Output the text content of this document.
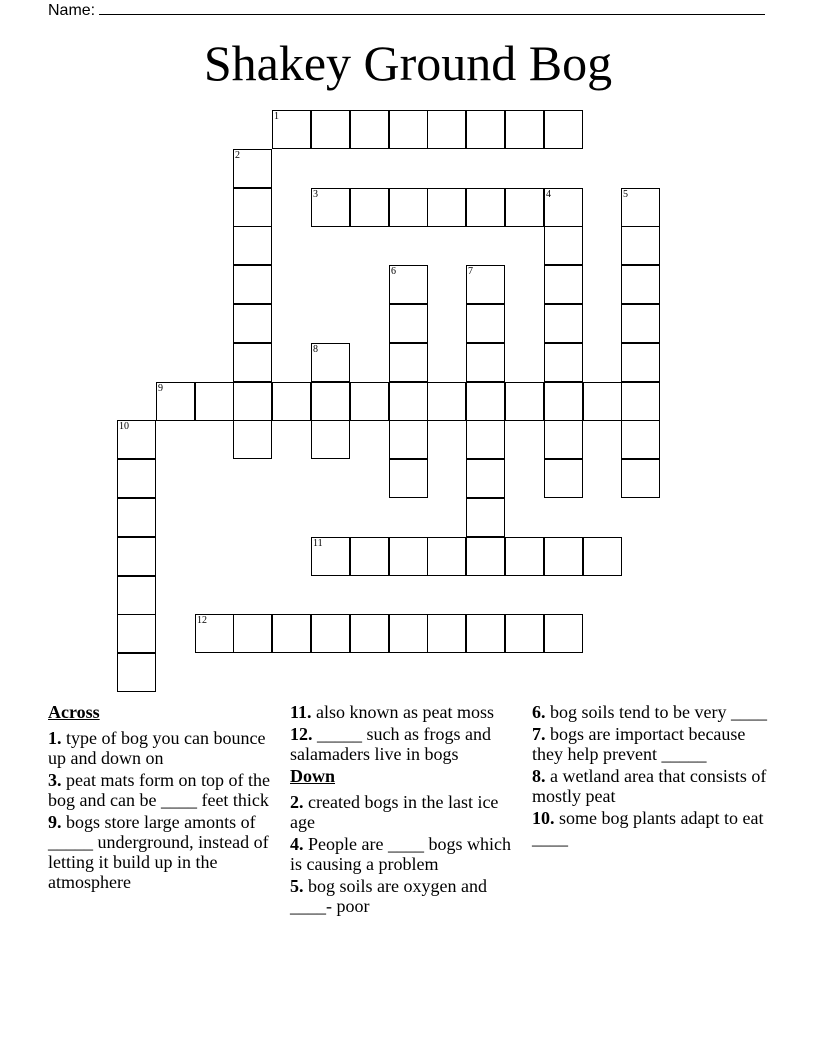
Name:
Shakey Ground Bog
1
2
3	4	5
6	7
8
9
10
11
12
Across
1. type of bog you can bounce up and down on
3. peat mats form on top of the bog and can be ____ feet thick
9. bogs store large amonts of _____ underground, instead of letting it build up in the atmosphere
11. also known as peat moss
12. _____ such as frogs and salamaders live in bogs
Down
2. created bogs in the last ice age
4. People are ____ bogs which is causing a problem
5. bog soils are oxygen and ____- poor
6. bog soils tend to be very ____
7. bogs are importact because they help prevent _____
8. a wetland area that consists of mostly peat
10. some bog plants adapt to eat ____
